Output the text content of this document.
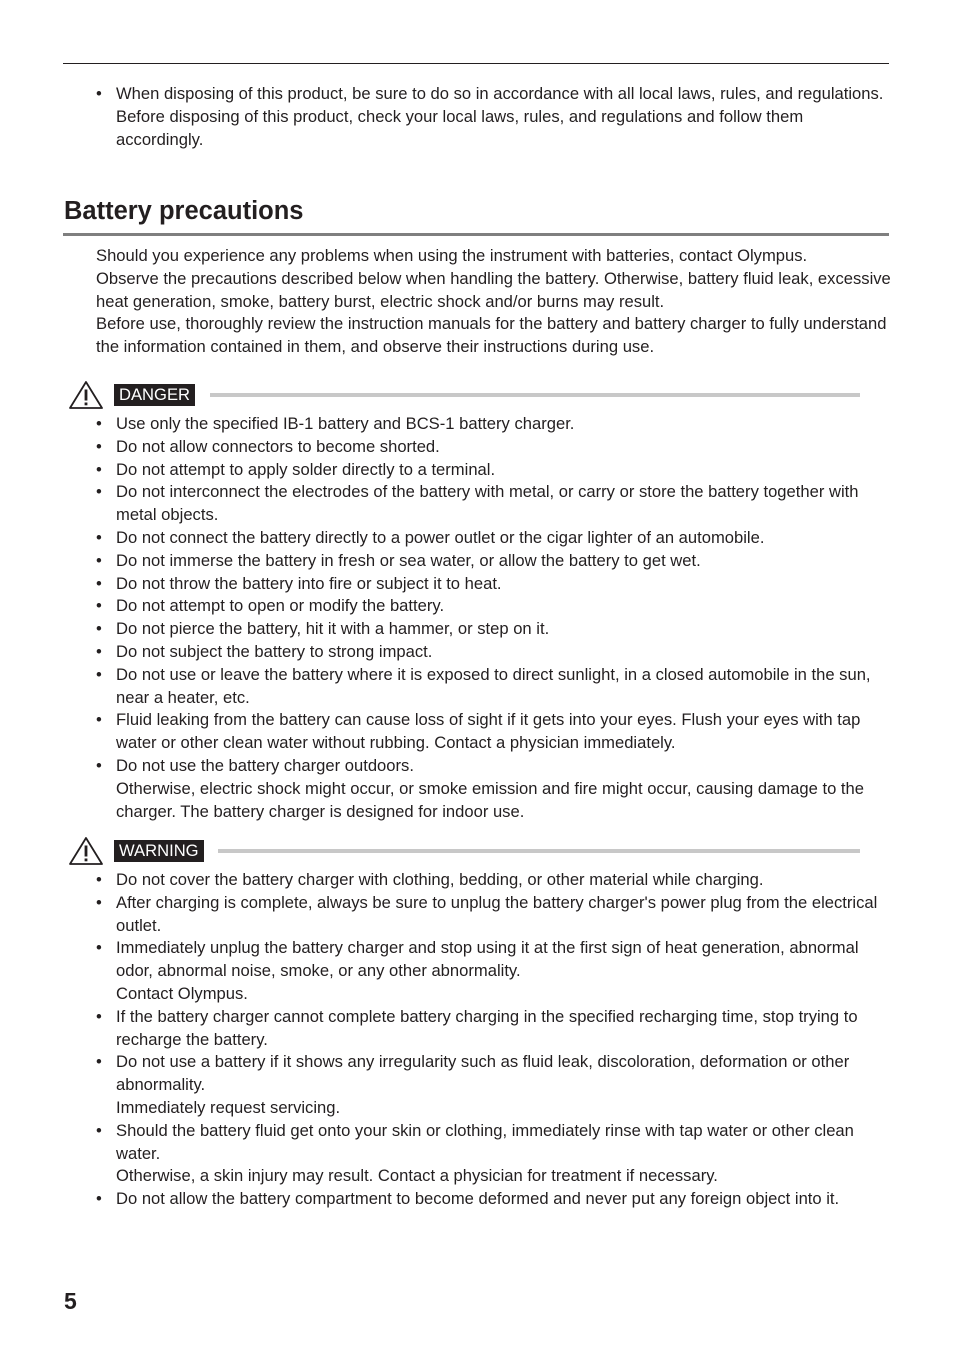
• When disposing of this product, be sure to do so in accordance with all local laws, rules, and regulations.
Before disposing of this product, check your local laws, rules, and regulations and follow them accordingly.
Battery precautions

Should you experience any problems when using the instrument with batteries, contact Olympus.

Observe the precautions described below when handling the battery. Otherwise, battery fluid leak, excessive heat generation, smoke, battery burst, electric shock and/or burns may result.

Before use, thoroughly review the instruction manuals for the battery and battery charger to fully understand the information contained in them, and observe their instructions during use.

DANGER
• Use only the specified IB-1 battery and BCS-1 battery charger.
• Do not allow connectors to become shorted.
• Do not attempt to apply solder directly to a terminal.
• Do not interconnect the electrodes of the battery with metal, or carry or store the battery together with metal objects.
• Do not connect the battery directly to a power outlet or the cigar lighter of an automobile.
• Do not immerse the battery in fresh or sea water, or allow the battery to get wet.
• Do not throw the battery into fire or subject it to heat.
• Do not attempt to open or modify the battery.
• Do not pierce the battery, hit it with a hammer, or step on it.
• Do not subject the battery to strong impact.
• Do not use or leave the battery where it is exposed to direct sunlight, in a closed automobile in the sun, near a heater, etc.
• Fluid leaking from the battery can cause loss of sight if it gets into your eyes. Flush your eyes with tap water or other clean water without rubbing. Contact a physician immediately.
• Do not use the battery charger outdoors.
Otherwise, electric shock might occur, or smoke emission and fire might occur, causing damage to the charger. The battery charger is designed for indoor use.
WARNING
• Do not cover the battery charger with clothing, bedding, or other material while charging.
• After charging is complete, always be sure to unplug the battery charger's power plug from the electrical outlet.
• Immediately unplug the battery charger and stop using it at the first sign of heat generation, abnormal odor, abnormal noise, smoke, or any other abnormality.
Contact Olympus.
• If the battery charger cannot complete battery charging in the specified recharging time, stop trying to recharge the battery.
• Do not use a battery if it shows any irregularity such as fluid leak, discoloration, deformation or other abnormality.
Immediately request servicing.
• Should the battery fluid get onto your skin or clothing, immediately rinse with tap water or other clean water.
Otherwise, a skin injury may result. Contact a physician for treatment if necessary.
• Do not allow the battery compartment to become deformed and never put any foreign object into it.
5
